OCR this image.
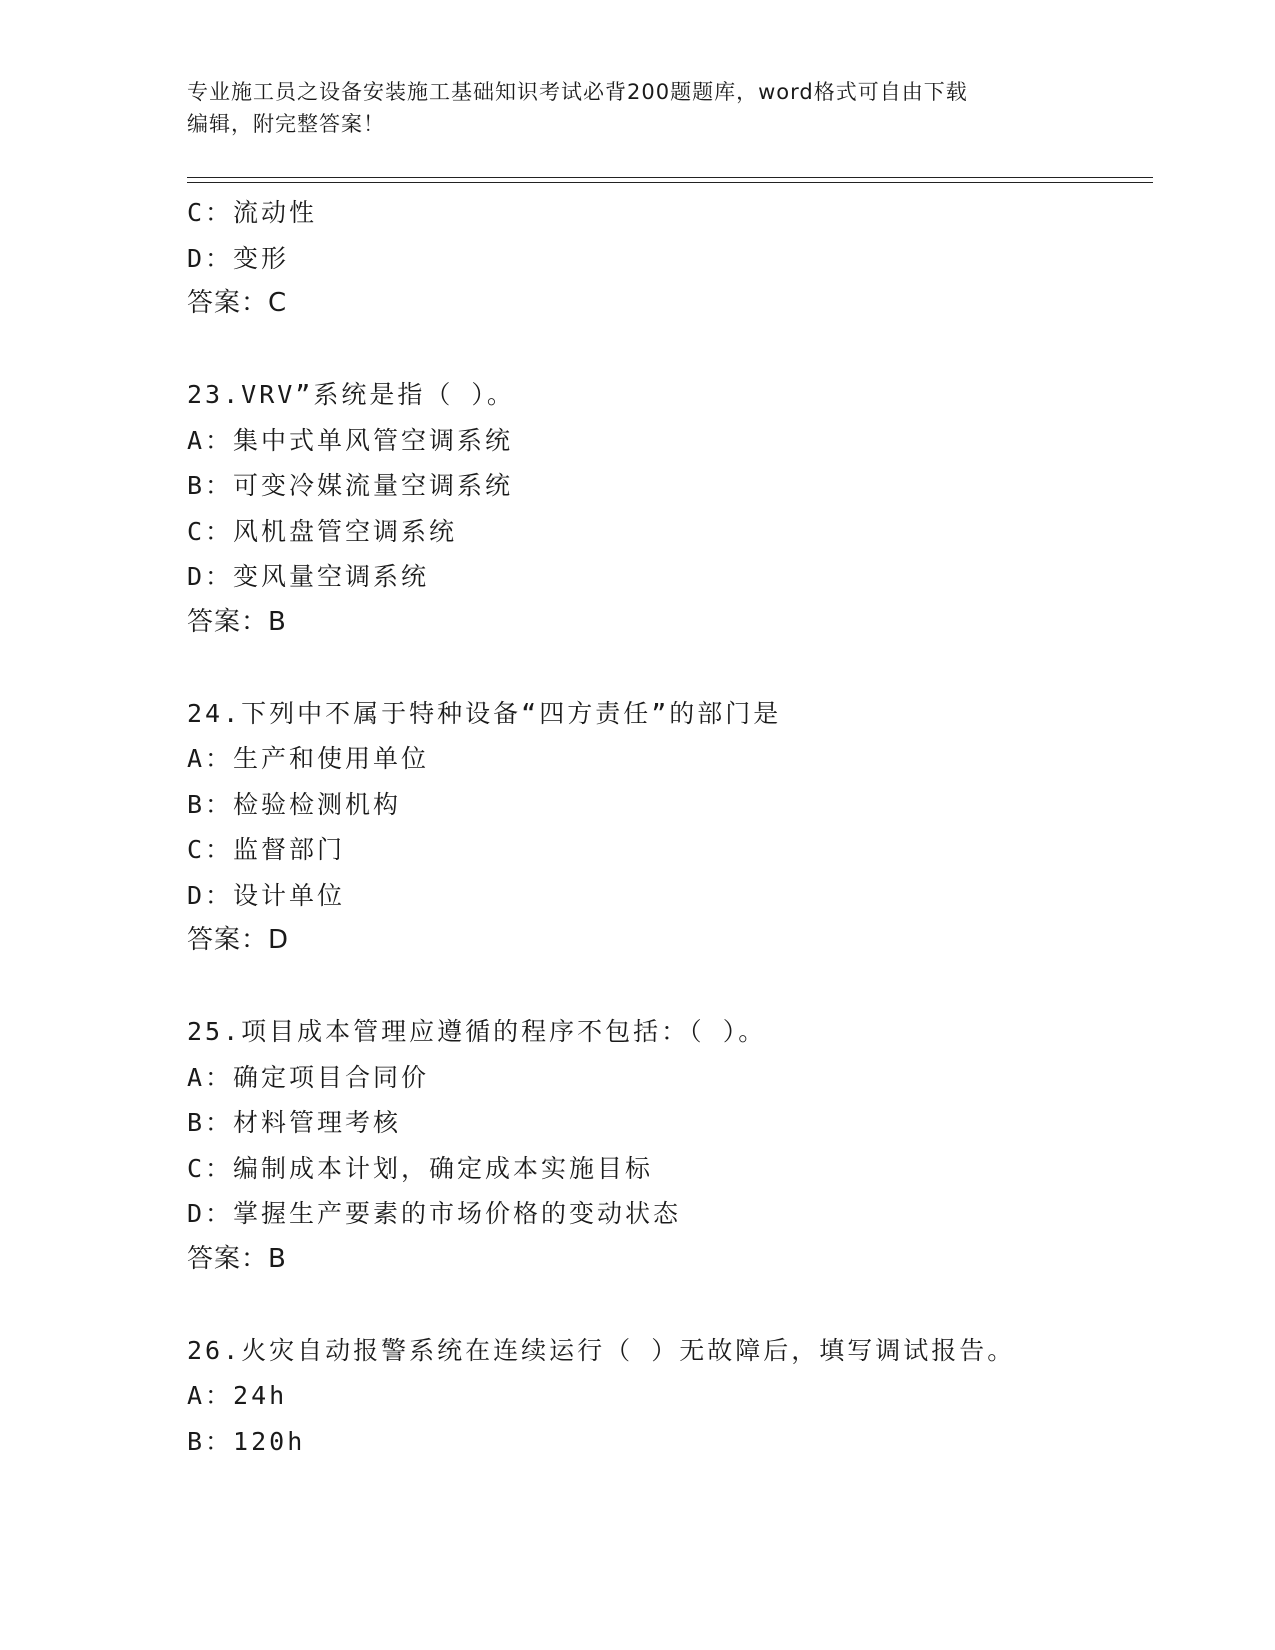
专业施工员之设备安装施工基础知识考试必背200题题库，word格式可自由下载
编辑，附完整答案！
C：流动性
D：变形
答案：C
23.VRV”系统是指（ ）。
A：集中式单风管空调系统
B：可变冷媒流量空调系统
C：风机盘管空调系统
D：变风量空调系统
答案：B
24.下列中不属于特种设备“四方责任”的部门是
A：生产和使用单位
B：检验检测机构
C：监督部门
D：设计单位
答案：D
25.项目成本管理应遵循的程序不包括：（ ）。
A：确定项目合同价
B：材料管理考核
C：编制成本计划，确定成本实施目标
D：掌握生产要素的市场价格的变动状态
答案：B
26.火灾自动报警系统在连续运行（ ）无故障后，填写调试报告。
A：24h
B：120h
